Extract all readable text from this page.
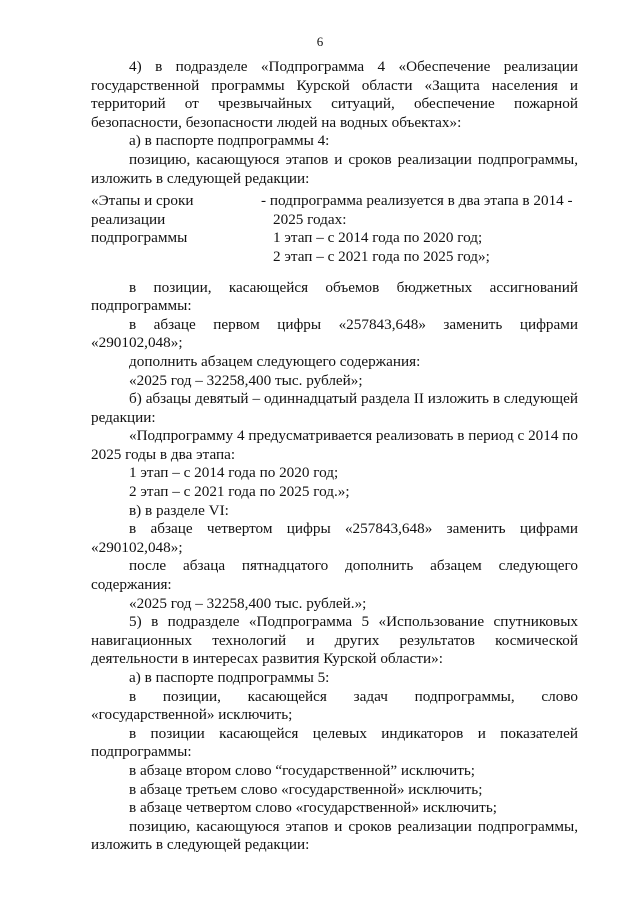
6

4) в подразделе «Подпрограмма 4 «Обеспечение реализации

государственной программы Курской области «Защита населения и территорий от чрезвычайных ситуаций, обеспечение пожарной безопасности, безопасности людей на водных объектах»:

а) в паспорте подпрограммы 4:

позицию, касающуюся этапов и сроков реализации подпрограммы, изложить в следующей редакции:

«Этапы и сроки

реализации

подпрограммы

- подпрограмма реализуется в два этапа в 2014 -

2025 годах:

1 этап – с 2014 года по 2020 год;

2 этап – с 2021 года по 2025 год»;

в позиции, касающейся объемов бюджетных ассигнований подпрограммы:

в абзаце первом цифры «257843,648» заменить цифрами «290102,048»;

дополнить абзацем следующего содержания:

«2025 год – 32258,400 тыс. рублей»;

б) абзацы девятый – одиннадцатый раздела II изложить в следующей редакции:

«Подпрограмму 4 предусматривается реализовать в период с 2014 по 2025 годы в два этапа:

1 этап – с 2014 года по 2020 год;

2 этап – с 2021 года по 2025 год.»;

в) в разделе VI:

в абзаце четвертом цифры «257843,648» заменить цифрами «290102,048»;

после абзаца пятнадцатого дополнить абзацем следующего содержания:

«2025 год – 32258,400 тыс. рублей.»;

5) в подразделе «Подпрограмма 5 «Использование спутниковых навигационных технологий и других результатов космической деятельности в интересах развития Курской области»:

а) в паспорте подпрограммы 5:

в позиции, касающейся задач подпрограммы, слово «государственной» исключить;

в позиции касающейся целевых индикаторов и показателей подпрограммы:

в абзаце втором слово “государственной” исключить;

в абзаце третьем слово «государственной» исключить;

в абзаце четвертом слово «государственной» исключить;

позицию, касающуюся этапов и сроков реализации подпрограммы, изложить в следующей редакции:
